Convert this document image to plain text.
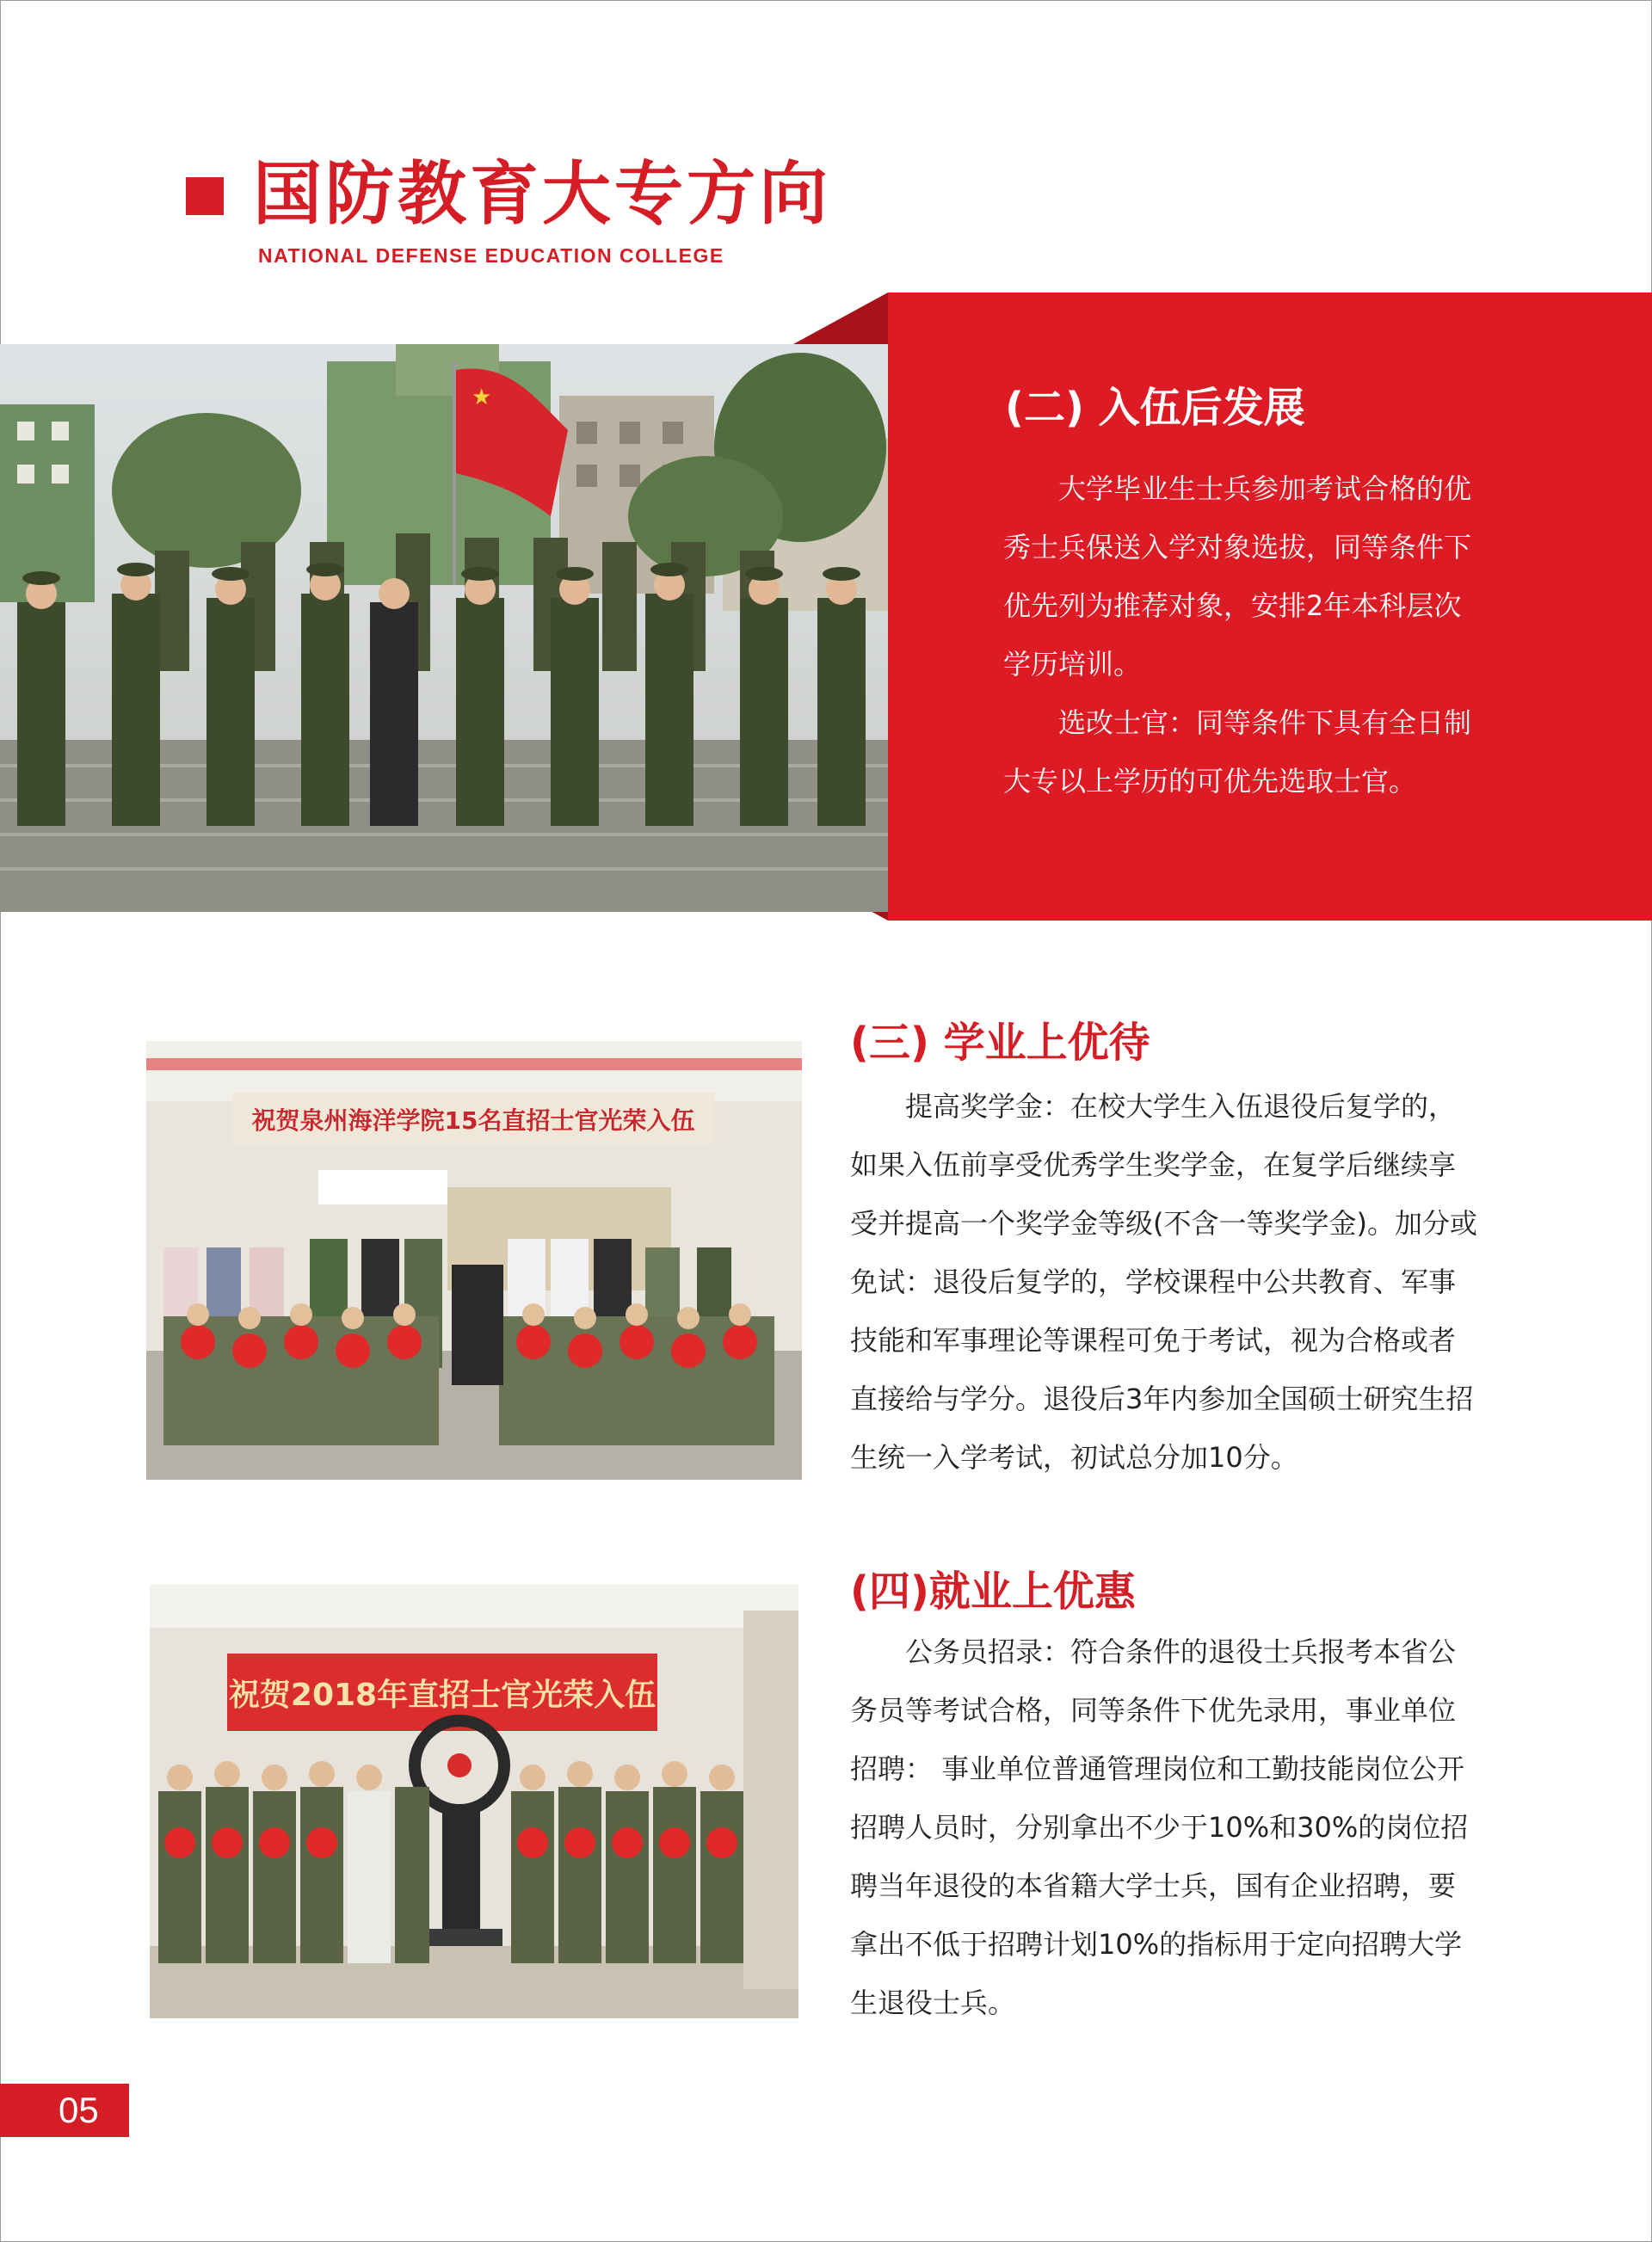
国防教育大专方向
NATIONAL DEFENSE EDUCATION COLLEGE
★	(二) 入伍后发展

大学毕业生士兵参加考试合格的优

秀士兵保送入学对象选拔，同等条件下

优先列为推荐对象，安排2年本科层次

学历培训。

选改士官：同等条件下具有全日制

大专以上学历的可优先选取士官。

祝贺泉州海洋学院15名直招士官光荣入伍
(三) 学业上优待

提高奖学金：在校大学生入伍退役后复学的，

如果入伍前享受优秀学生奖学金，在复学后继续享

受并提高一个奖学金等级(不含一等奖学金)。加分或

免试：退役后复学的，学校课程中公共教育、军事

技能和军事理论等课程可免于考试，视为合格或者

直接给与学分。退役后3年内参加全国硕士研究生招

生统一入学考试，初试总分加10分。

祝贺2018年直招士官光荣入伍
(四)就业上优惠

公务员招录：符合条件的退役士兵报考本省公

务员等考试合格，同等条件下优先录用，事业单位

招聘： 事业单位普通管理岗位和工勤技能岗位公开

招聘人员时，分别拿出不少于10%和30%的岗位招

聘当年退役的本省籍大学士兵，国有企业招聘，要

拿出不低于招聘计划10%的指标用于定向招聘大学

生退役士兵。

05
